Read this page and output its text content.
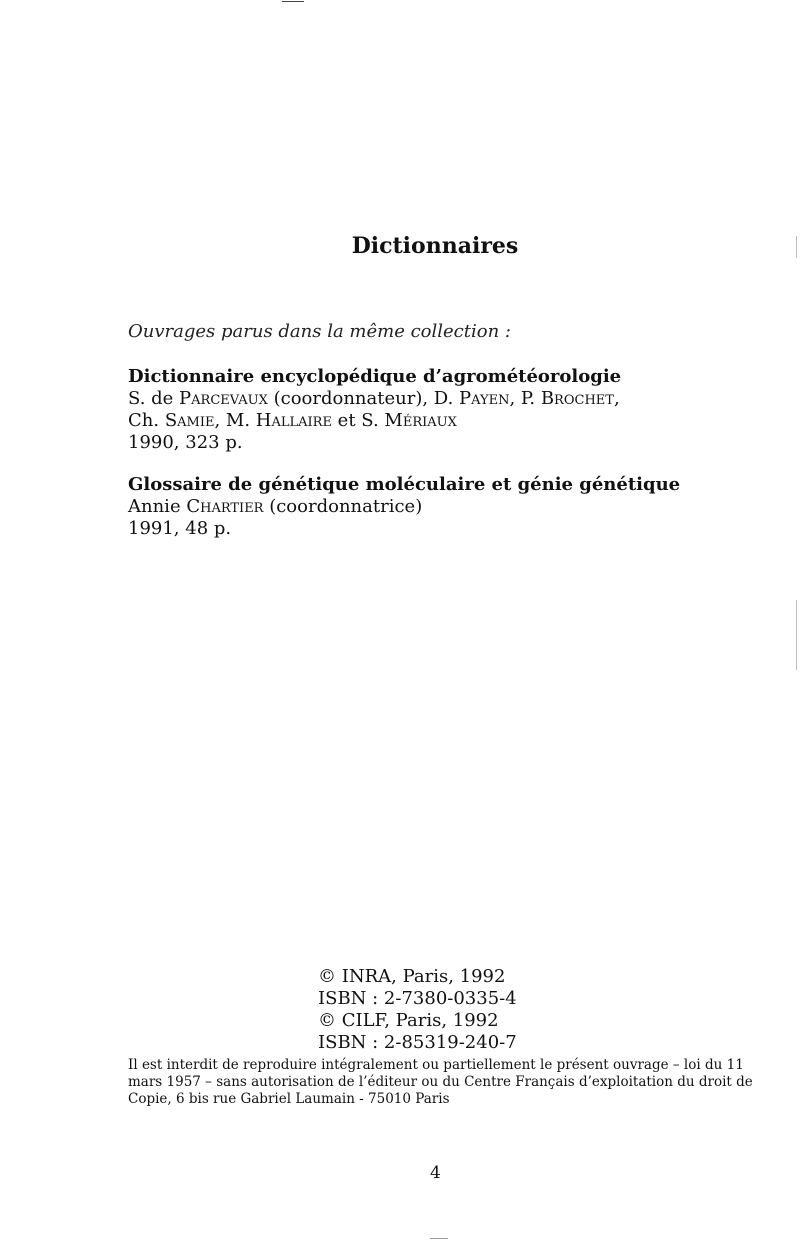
Dictionnaires
Ouvrages parus dans la même collection :
Dictionnaire encyclopédique d’agrométéorologie
S. de Parcevaux (coordonnateur), D. Payen, P. Brochet,
Ch. Samie, M. Hallaire et S. Mériaux
1990, 323 p.
Glossaire de génétique moléculaire et génie génétique
Annie Chartier (coordonnatrice)
1991, 48 p.
© INRA, Paris, 1992
ISBN : 2-7380-0335-4
© CILF, Paris, 1992
ISBN : 2-85319-240-7
Il est interdit de reproduire intégralement ou partiellement le présent ouvrage – loi du 11
mars 1957 – sans autorisation de l’éditeur ou du Centre Français d’exploitation du droit de
Copie, 6 bis rue Gabriel Laumain - 75010 Paris
4
